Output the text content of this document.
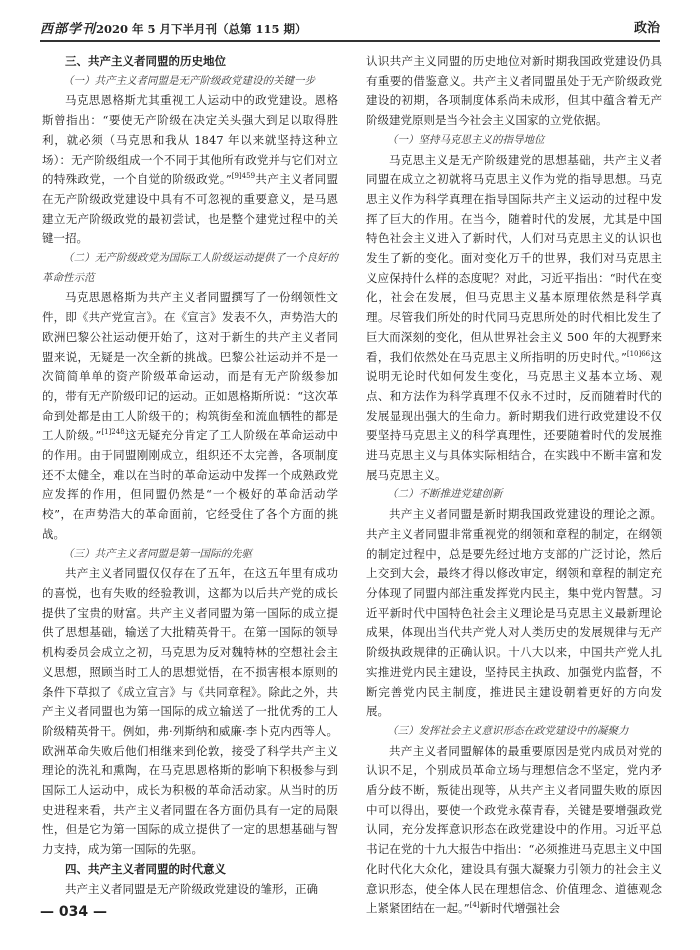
西部学刊2020 年 5 月下半月刊（总第 115 期）	政治

三、共产主义者同盟的历史地位

（一）共产主义者同盟是无产阶级政党建设的关键一步

马克思恩格斯尤其重视工人运动中的政党建设。恩格斯曾指出：“要使无产阶级在决定关头强大到足以取得胜利，就必须（马克思和我从 1847 年以来就坚持这种立场）：无产阶级组成一个不同于其他所有政党并与它们对立的特殊政党，一个自觉的阶级政党。”$^{[9]459}$共产主义者同盟在无产阶级政党建设中具有不可忽视的重要意义，是马恩建立无产阶级政党的最初尝试，也是整个建党过程中的关键一招。

（二）无产阶级政党为国际工人阶级运动提供了一个良好的革命性示范

马克思恩格斯为共产主义者同盟撰写了一份纲领性文件，即《共产党宣言》。在《宣言》发表不久，声势浩大的欧洲巴黎公社运动便开始了，这对于新生的共产主义者同盟来说，无疑是一次全新的挑战。巴黎公社运动并不是一次简简单单的资产阶级革命运动，而是有无产阶级参加的，带有无产阶级印记的运动。正如恩格斯所说：“这次革命到处都是由工人阶级干的；构筑街垒和流血牺牲的都是工人阶级。”$^{[1]248}$这无疑充分肯定了工人阶级在革命运动中的作用。由于同盟刚刚成立，组织还不太完善，各项制度还不太健全，难以在当时的革命运动中发挥一个成熟政党应发挥的作用，但同盟仍然是“一个极好的革命活动学校”，在声势浩大的革命面前，它经受住了各个方面的挑战。

（三）共产主义者同盟是第一国际的先驱

共产主义者同盟仅仅存在了五年，在这五年里有成功的喜悦，也有失败的经验教训，这都为以后共产党的成长提供了宝贵的财富。共产主义者同盟为第一国际的成立提供了思想基础，输送了大批精英骨干。在第一国际的领导机构委员会成立之初，马克思为反对魏特林的空想社会主义思想，照顾当时工人的思想觉悟，在不损害根本原则的条件下草拟了《成立宣言》与《共同章程》。除此之外，共产主义者同盟也为第一国际的成立输送了一批优秀的工人阶级精英骨干。例如，弗·列斯纳和威廉·李卜克内西等人。欧洲革命失败后他们相继来到伦敦，接受了科学共产主义理论的洗礼和熏陶，在马克思恩格斯的影响下积极参与到国际工人运动中，成长为积极的革命活动家。从当时的历史进程来看，共产主义者同盟在各方面仍具有一定的局限性，但是它为第一国际的成立提供了一定的思想基础与智力支持，成为第一国际的先驱。

四、共产主义者同盟的时代意义

共产主义者同盟是无产阶级政党建设的雏形，正确

认识共产主义同盟的历史地位对新时期我国政党建设仍具有重要的借鉴意义。共产主义者同盟虽处于无产阶级政党建设的初期，各项制度体系尚未成形，但其中蕴含着无产阶级建党原则是当今社会主义国家的立党依据。

（一）坚持马克思主义的指导地位

马克思主义是无产阶级建党的思想基础，共产主义者同盟在成立之初就将马克思主义作为党的指导思想。马克思主义作为科学真理在指导国际共产主义运动的过程中发挥了巨大的作用。在当今，随着时代的发展，尤其是中国特色社会主义进入了新时代，人们对马克思主义的认识也发生了新的变化。面对变化万千的世界，我们对马克思主义应保持什么样的态度呢？对此，习近平指出：“时代在变化，社会在发展，但马克思主义基本原理依然是科学真理。尽管我们所处的时代同马克思所处的时代相比发生了巨大而深刻的变化，但从世界社会主义 500 年的大视野来看，我们依然处在马克思主义所指明的历史时代。”$^{[10]66}$这说明无论时代如何发生变化，马克思主义基本立场、观点、和方法作为科学真理不仅永不过时，反而随着时代的发展显现出强大的生命力。新时期我们进行政党建设不仅要坚持马克思主义的科学真理性，还要随着时代的发展推进马克思主义与具体实际相结合，在实践中不断丰富和发展马克思主义。

（二）不断推进党建创新

共产主义者同盟是新时期我国政党建设的理论之源。共产主义者同盟非常重视党的纲领和章程的制定，在纲领的制定过程中，总是要先经过地方支部的广泛讨论，然后上交到大会，最终才得以修改审定，纲领和章程的制定充分体现了同盟内部注重发挥党内民主，集中党内智慧。习近平新时代中国特色社会主义理论是马克思主义最新理论成果，体现出当代共产党人对人类历史的发展规律与无产阶级执政规律的正确认识。十八大以来，中国共产党人扎实推进党内民主建设，坚持民主执政、加强党内监督，不断完善党内民主制度，推进民主建设朝着更好的方向发展。

（三）发挥社会主义意识形态在政党建设中的凝聚力

共产主义者同盟解体的最重要原因是党内成员对党的认识不足，个别成员革命立场与理想信念不坚定，党内矛盾分歧不断，叛徒出现等，从共产主义者同盟失败的原因中可以得出，要使一个政党永葆青春，关键是要增强政党认同，充分发挥意识形态在政党建设中的作用。习近平总书记在党的十九大报告中指出：“必须推进马克思主义中国化时代化大众化，建设具有强大凝聚力引领力的社会主义意识形态，使全体人民在理想信念、价值理念、道德观念上紧紧团结在一起。”[4]新时代增强社会

— 034 —
